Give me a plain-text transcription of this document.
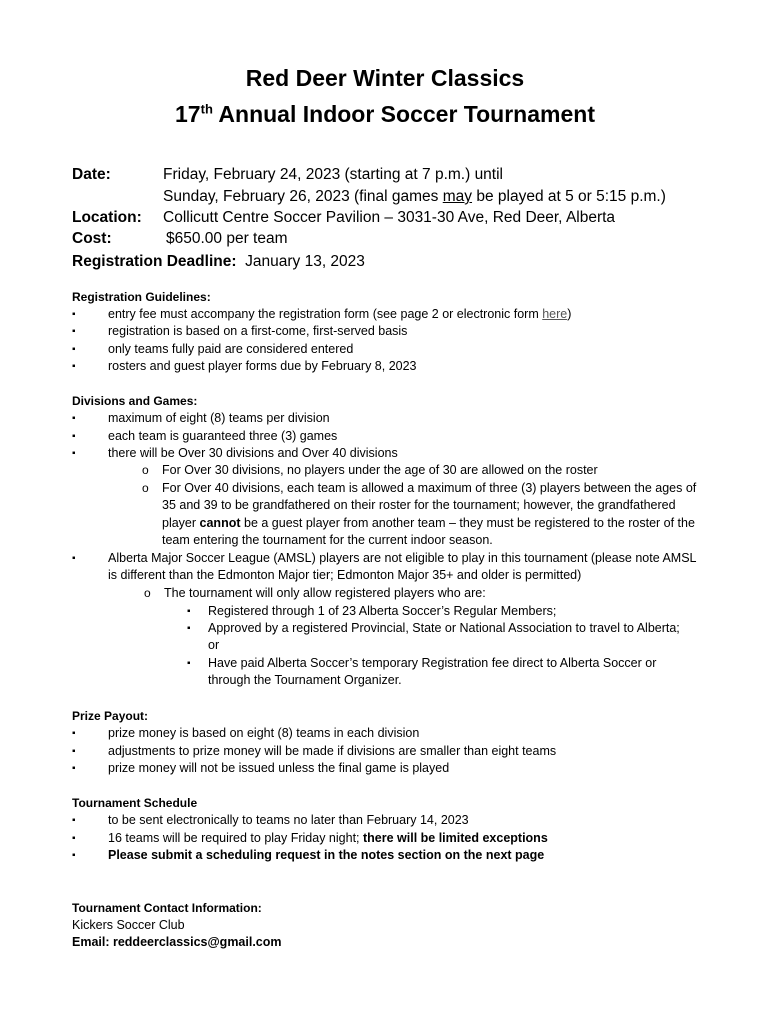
Red Deer Winter Classics
17th Annual Indoor Soccer Tournament
Date:	Friday, February 24, 2023 (starting at 7 p.m.) until
Sunday, February 26, 2023 (final games may be played at 5 or 5:15 p.m.)
Location: Collicutt Centre Soccer Pavilion – 3031-30 Ave, Red Deer, Alberta
Cost:	$650.00 per team
Registration Deadline: January 13, 2023
Registration Guidelines:
▪	entry fee must accompany the registration form (see page 2 or electronic form here)
▪	registration is based on a first-come, first-served basis
▪	only teams fully paid are considered entered
▪	rosters and guest player forms due by February 8, 2023
Divisions and Games:
▪	maximum of eight (8) teams per division
▪	each team is guaranteed three (3) games
▪	there will be Over 30 divisions and Over 40 divisions
o For Over 30 divisions, no players under the age of 30 are allowed on the roster
o For Over 40 divisions, each team is allowed a maximum of three (3) players between the ages of 35 and 39 to be grandfathered on their roster for the tournament; however, the grandfathered player cannot be a guest player from another team – they must be registered to the roster of the team entering the tournament for the current indoor season.
▪	Alberta Major Soccer League (AMSL) players are not eligible to play in this tournament (please note AMSL is different than the Edmonton Major tier; Edmonton Major 35+ and older is permitted)
o The tournament will only allow registered players who are:
▪ Registered through 1 of 23 Alberta Soccer’s Regular Members;
▪ Approved by a registered Provincial, State or National Association to travel to Alberta; or
▪ Have paid Alberta Soccer’s temporary Registration fee direct to Alberta Soccer or through the Tournament Organizer.
Prize Payout:
▪	prize money is based on eight (8) teams in each division
▪	adjustments to prize money will be made if divisions are smaller than eight teams
▪	prize money will not be issued unless the final game is played
Tournament Schedule
▪	to be sent electronically to teams no later than February 14, 2023
▪	16 teams will be required to play Friday night; there will be limited exceptions
▪	Please submit a scheduling request in the notes section on the next page
Tournament Contact Information:
Kickers Soccer Club
Email: reddeerclassics@gmail.com
